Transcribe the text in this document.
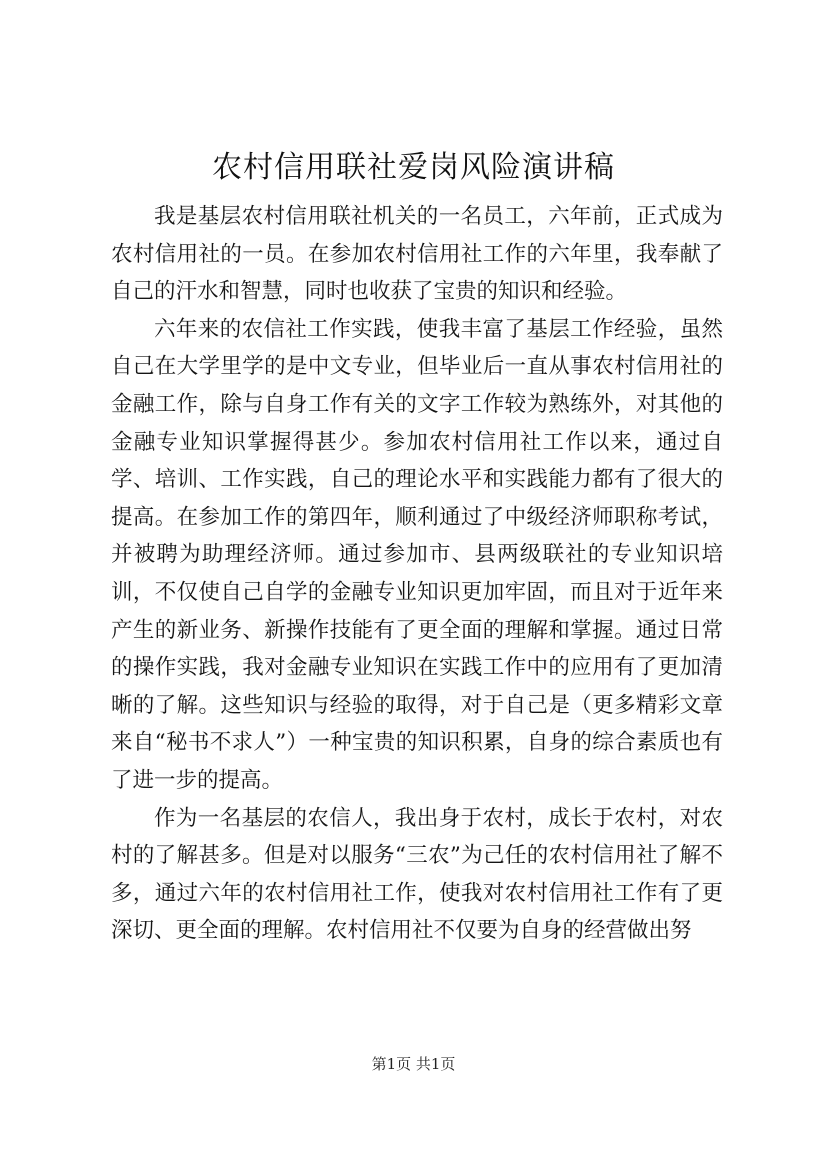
农村信用联社爱岗风险演讲稿

我是基层农村信用联社机关的一名员工，六年前，正式成为农村信用社的一员。在参加农村信用社工作的六年里，我奉献了自己的汗水和智慧，同时也收获了宝贵的知识和经验。

六年来的农信社工作实践，使我丰富了基层工作经验，虽然自己在大学里学的是中文专业，但毕业后一直从事农村信用社的金融工作，除与自身工作有关的文字工作较为熟练外，对其他的金融专业知识掌握得甚少。参加农村信用社工作以来，通过自学、培训、工作实践，自己的理论水平和实践能力都有了很大的提高。在参加工作的第四年，顺利通过了中级经济师职称考试，并被聘为助理经济师。通过参加市、县两级联社的专业知识培训，不仅使自己自学的金融专业知识更加牢固，而且对于近年来产生的新业务、新操作技能有了更全面的理解和掌握。通过日常的操作实践，我对金融专业知识在实践工作中的应用有了更加清晰的了解。这些知识与经验的取得，对于自己是（更多精彩文章来自“秘书不求人”）一种宝贵的知识积累，自身的综合素质也有了进一步的提高。

作为一名基层的农信人，我出身于农村，成长于农村，对农村的了解甚多。但是对以服务“三农”为己任的农村信用社了解不多，通过六年的农村信用社工作，使我对农村信用社工作有了更深切、更全面的理解。农村信用社不仅要为自身的经营做出努

第1页 共1页
